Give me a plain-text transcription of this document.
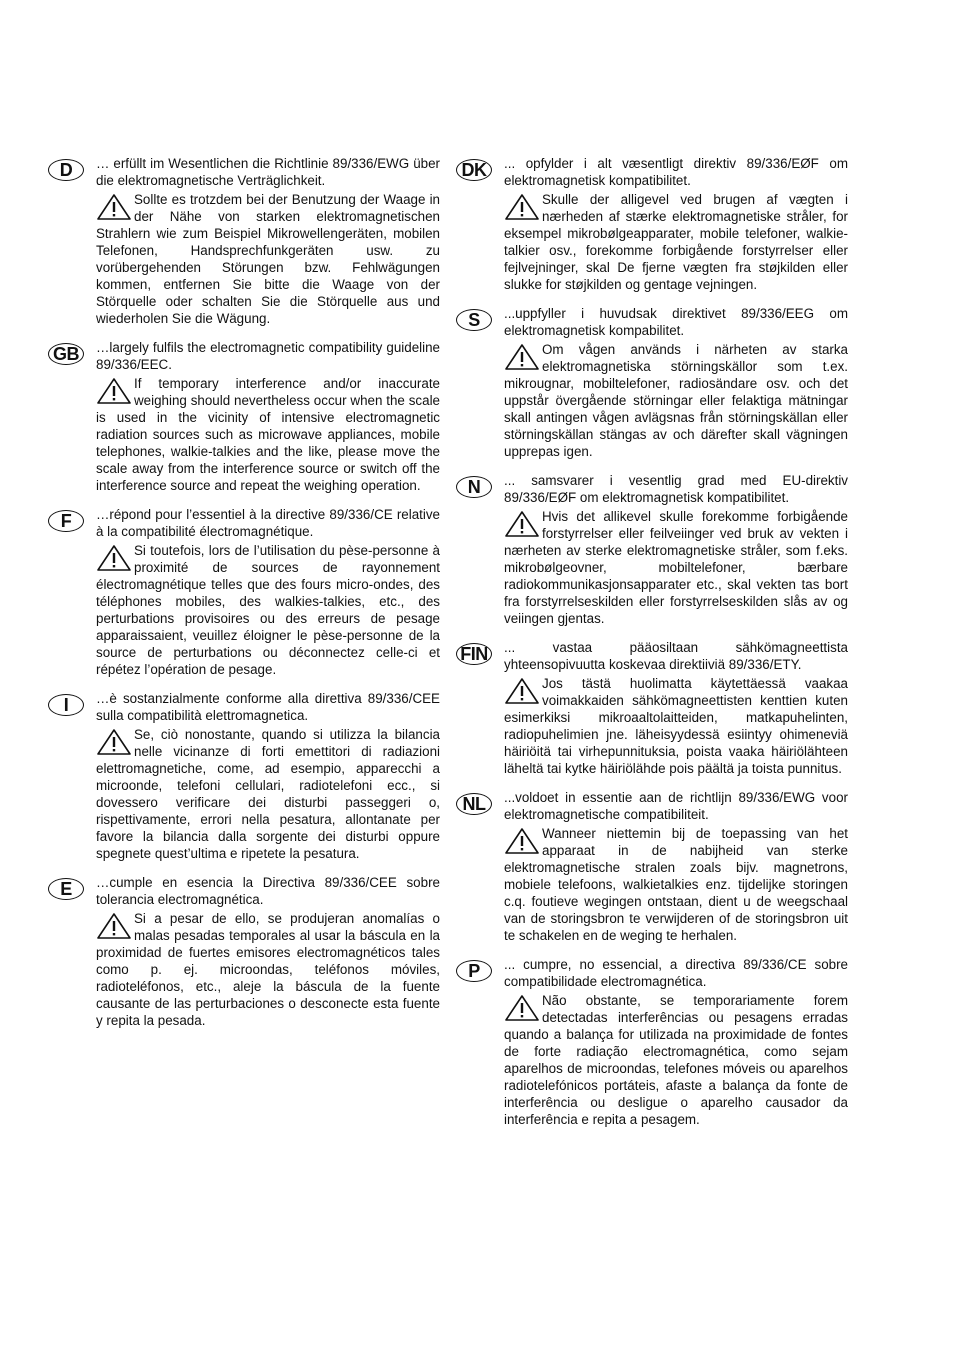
D	… erfüllt im Wesentlichen die Richtlinie 89/336/EWG über die elektromagnetische Verträglichkeit.

Sollte es trotzdem bei der Benutzung der Waage in der Nähe von starken elektromagnetischen Strahlern wie zum Beispiel Mikrowellengeräten, mobilen Telefonen, Handsprechfunkgeräten usw. zu vorübergehenden Störungen bzw. Fehlwägungen kommen, entfernen Sie bitte die Waage von der Störquelle oder schalten Sie die Störquelle aus und wiederholen Sie die Wägung.

GB	…largely fulfils the electromagnetic compatibility guideline 89/336/EEC.

If temporary interference and/or inaccurate weighing should nevertheless occur when the scale is used in the vicinity of intensive electromagnetic radiation sources such as microwave appliances, mobile telephones, walkie-talkies and the like, please move the scale away from the interference source or switch off the interference source and repeat the weighing operation.

F	…répond pour l’essentiel à la directive 89/336/CE relative à la compatibilité électromagnétique.

Si toutefois, lors de l’utilisation du pèse-personne à proximité de sources de rayonnement électromagnétique telles que des fours micro-ondes, des téléphones mobiles, des walkies-talkies, etc., des perturbations provisoires ou des erreurs de pesage apparaissaient, veuillez éloigner le pèse-personne de la source de perturbations ou déconnectez celle-ci et répétez l’opération de pesage.

I	…è sostanzialmente conforme alla direttiva 89/336/CEE sulla compatibilità elettromagnetica.

Se, ciò nonostante, quando si utilizza la bilancia nelle vicinanze di forti emettitori di radiazioni elettromagnetiche, come, ad esempio, apparecchi a microonde, telefoni cellulari, radiotelefoni ecc., si dovessero verificare dei disturbi passeggeri o, rispettivamente, errori nella pesatura, allontanate per favore la bilancia dalla sorgente dei disturbi oppure spegnete quest’ultima e ripetete la pesatura.

E	…cumple en esencia la Directiva 89/336/CEE sobre tolerancia electromagnética.

Si a pesar de ello, se produjeran anomalías o malas pesadas temporales al usar la báscula en la proximidad de fuertes emisores electromagnéticos tales como p. ej. microondas, teléfonos móviles, radioteléfonos, etc., aleje la báscula de la fuente causante de las perturbaciones o desconecte esta fuente y repita la pesada.

DK	... opfylder i alt væsentligt direktiv 89/336/EØF om elektromagnetisk kompatibilitet.

Skulle der alligevel ved brugen af vægten i nærheden af stærke elektromagnetiske stråler, for eksempel mikrobølgeapparater, mobile telefoner, walkie-talkier osv., forekomme forbigående forstyrrelser eller fejlvejninger, skal De fjerne vægten fra støjkilden eller slukke for støjkilden og gentage vejningen.

S	...uppfyller i huvudsak direktivet 89/336/EEG om elektromagnetisk kompabilitet.

Om vågen används i närheten av starka elektromagnetiska störningskällor som t.ex. mikrougnar, mobiltelefoner, radiosändare osv. och det uppstår övergående störningar eller felaktiga mätningar skall antingen vågen avlägsnas från störningskällan eller störningskällan stängas av och därefter skall vägningen upprepas igen.

N	... samsvarer i vesentlig grad med EU-direktiv 89/336/EØF om elektromagnetisk kompatibilitet.

Hvis det allikevel skulle forekomme forbigående forstyrrelser eller feilveiinger ved bruk av vekten i nærheten av sterke elektromagnetiske stråler, som f.eks. mikrobølgeovner, mobiltelefoner, bærbare radiokommunikasjonsapparater etc., skal vekten tas bort fra forstyrrelseskilden eller forstyrrelseskilden slås av og veiingen gjentas.

FIN	... vastaa pääosiltaan sähkömagneettista yhteensopivuutta koskevaa direktiiviä 89/336/ETY.

Jos tästä huolimatta käytettäessä vaakaa voimakkaiden sähkömagneettisten kenttien kuten esimerkiksi mikroaaltolaitteiden, matkapuhelinten, radiopuhelimien jne. läheisyydessä esiintyy ohimeneviä häiriöitä tai virhepunnituksia, poista vaaka häiriölähteen läheltä tai kytke häiriölähde pois päältä ja toista punnitus.

NL	...voldoet in essentie aan de richtlijn 89/336/EWG voor elektromagnetische compatibiliteit.

Wanneer niettemin bij de toepassing van het apparaat in de nabijheid van sterke elektromagnetische stralen zoals bijv. magnetrons, mobiele telefoons, walkietalkies enz. tijdelijke storingen c.q. foutieve wegingen ontstaan, dient u de weegschaal van de storingsbron te verwijderen of de storingsbron uit te schakelen en de weging te herhalen.

P	... cumpre, no essencial, a directiva 89/336/CE sobre compatibilidade electromagnética.

Não obstante, se temporariamente forem detectadas interferências ou pesagens erradas quando a balança for utilizada na proximidade de fontes de forte radiação electromagnética, como sejam aparelhos de microondas, telefones móveis ou aparelhos radiotelefónicos portáteis, afaste a balança da fonte de interferência ou desligue o aparelho causador da interferência e repita a pesagem.
